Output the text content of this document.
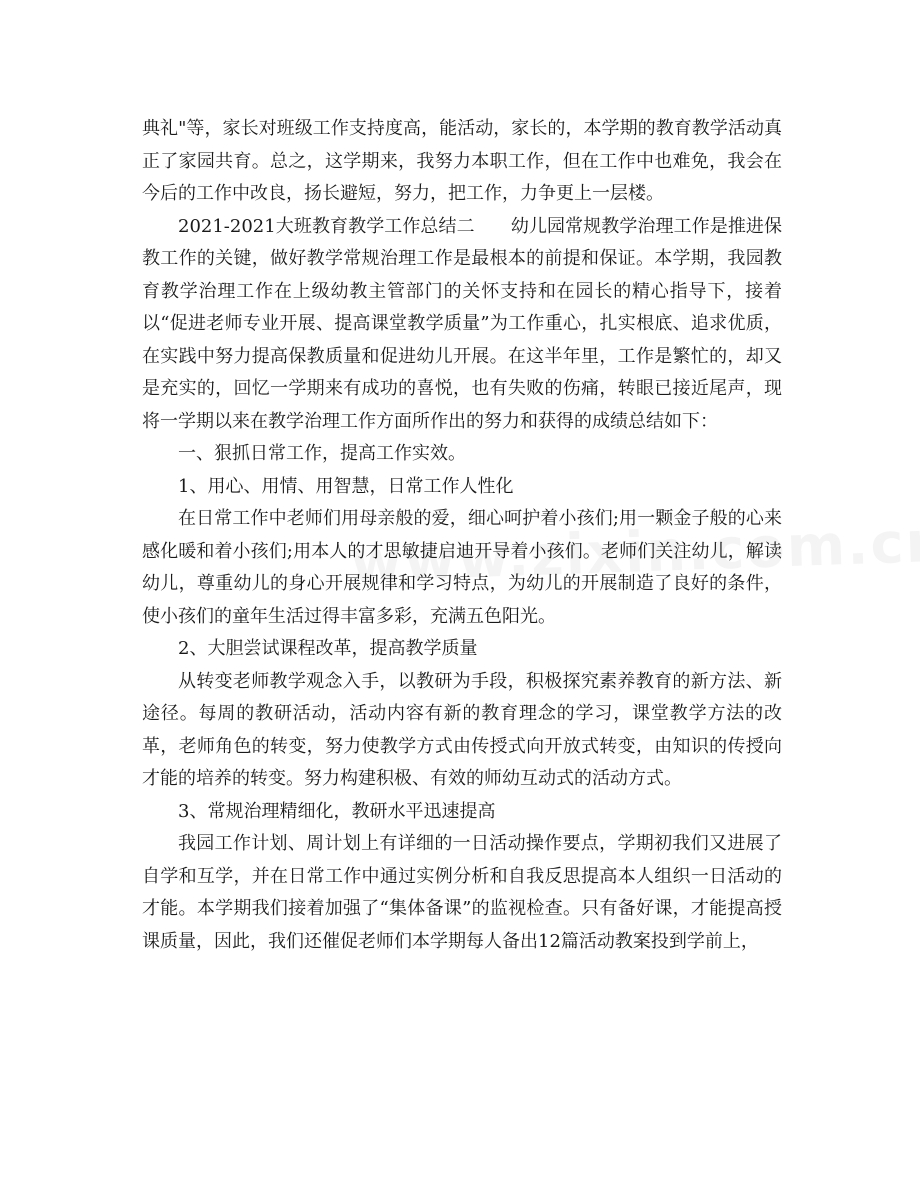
典礼"等，家长对班级工作支持度高，能活动，家长的，本学期的教育教学活动真正了家园共育。总之，这学期来，我努力本职工作，但在工作中也难免，我会在今后的工作中改良，扬长避短，努力，把工作，力争更上一层楼。

2021-2021大班教育教学工作总结二　　幼儿园常规教学治理工作是推进保教工作的关键，做好教学常规治理工作是最根本的前提和保证。本学期，我园教育教学治理工作在上级幼教主管部门的关怀支持和在园长的精心指导下，接着以“促进老师专业开展、提高课堂教学质量”为工作重心，扎实根底、追求优质，在实践中努力提高保教质量和促进幼儿开展。在这半年里，工作是繁忙的，却又是充实的，回忆一学期来有成功的喜悦，也有失败的伤痛，转眼已接近尾声，现将一学期以来在教学治理工作方面所作出的努力和获得的成绩总结如下：

一、狠抓日常工作，提高工作实效。

1、用心、用情、用智慧，日常工作人性化

在日常工作中老师们用母亲般的爱，细心呵护着小孩们;用一颗金子般的心来感化暖和着小孩们;用本人的才思敏捷启迪开导着小孩们。老师们关注幼儿，解读幼儿，尊重幼儿的身心开展规律和学习特点，为幼儿的开展制造了良好的条件，使小孩们的童年生活过得丰富多彩，充满五色阳光。

2、大胆尝试课程改革，提高教学质量

从转变老师教学观念入手，以教研为手段，积极探究素养教育的新方法、新途径。每周的教研活动，活动内容有新的教育理念的学习，课堂教学方法的改革，老师角色的转变，努力使教学方式由传授式向开放式转变，由知识的传授向才能的培养的转变。努力构建积极、有效的师幼互动式的活动方式。

3、常规治理精细化，教研水平迅速提高

我园工作计划、周计划上有详细的一日活动操作要点，学期初我们又进展了自学和互学，并在日常工作中通过实例分析和自我反思提高本人组织一日活动的才能。本学期我们接着加强了“集体备课”的监视检查。只有备好课，才能提高授课质量，因此，我们还催促老师们本学期每人备出12篇活动教案投到学前上，
